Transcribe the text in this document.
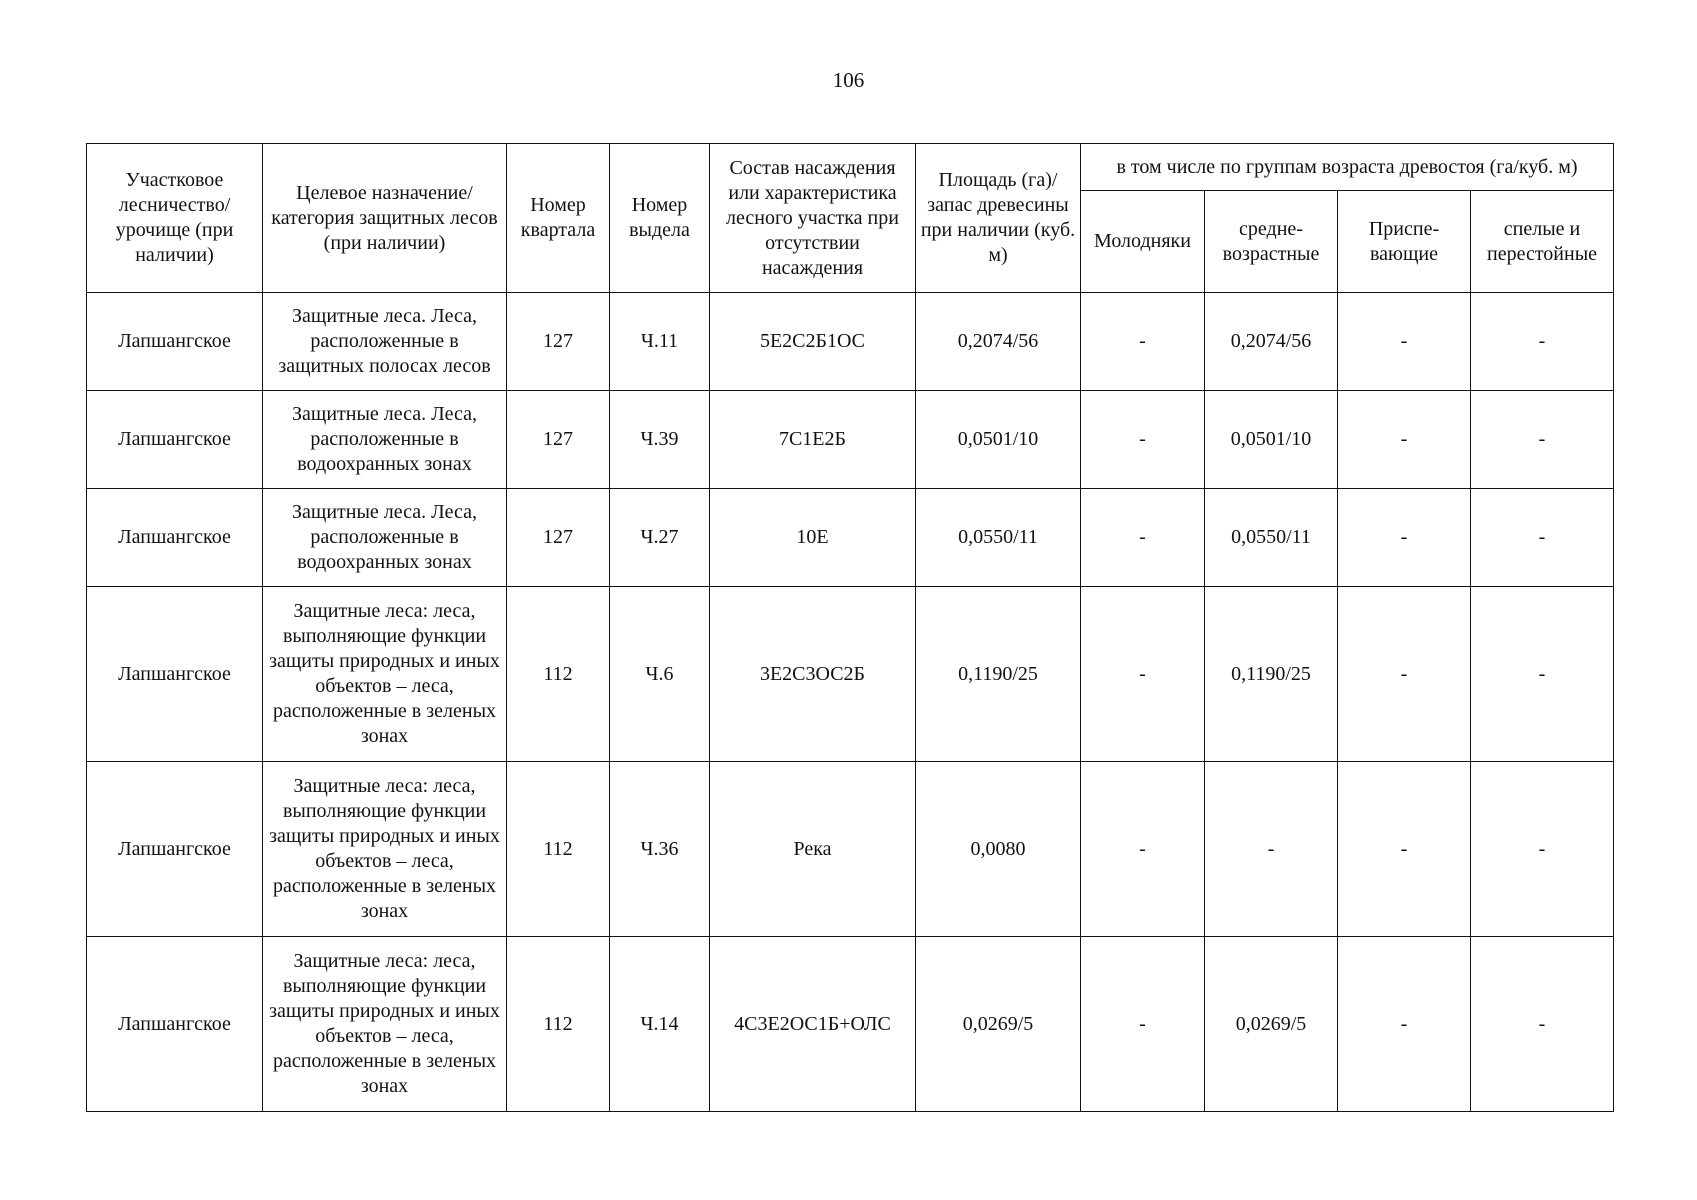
106
Участковое лесничество/ урочище (при наличии)	Целевое назначение/ категория защитных лесов (при наличии)	Номер квартала	Номер выдела	Состав насаждения или характеристика лесного участка при отсутствии насаждения	Площадь (га)/ запас древесины при наличии (куб. м)	в том числе по группам возраста древостоя (га/куб. м)			
						Молодняки	средне-возрастные	Приспе-вающие	спелые и перестойные
Лапшангское	Защитные леса. Леса, расположенные в защитных полосах лесов	127	Ч.11	5Е2С2Б1ОС	0,2074/56	-	0,2074/56	-	-
Лапшангское	Защитные леса. Леса, расположенные в водоохранных зонах	127	Ч.39	7С1Е2Б	0,0501/10	-	0,0501/10	-	-
Лапшангское	Защитные леса. Леса, расположенные в водоохранных зонах	127	Ч.27	10Е	0,0550/11	-	0,0550/11	-	-
Лапшангское	Защитные леса: леса, выполняющие функции защиты природных и иных объектов – леса, расположенные в зеленых зонах	112	Ч.6	3Е2С3ОС2Б	0,1190/25	-	0,1190/25	-	-
Лапшангское	Защитные леса: леса, выполняющие функции защиты природных и иных объектов – леса, расположенные в зеленых зонах	112	Ч.36	Река	0,0080	-	-	-	-
Лапшангское	Защитные леса: леса, выполняющие функции защиты природных и иных объектов – леса, расположенные в зеленых зонах	112	Ч.14	4С3Е2ОС1Б+ОЛС	0,0269/5	-	0,0269/5	-	-
